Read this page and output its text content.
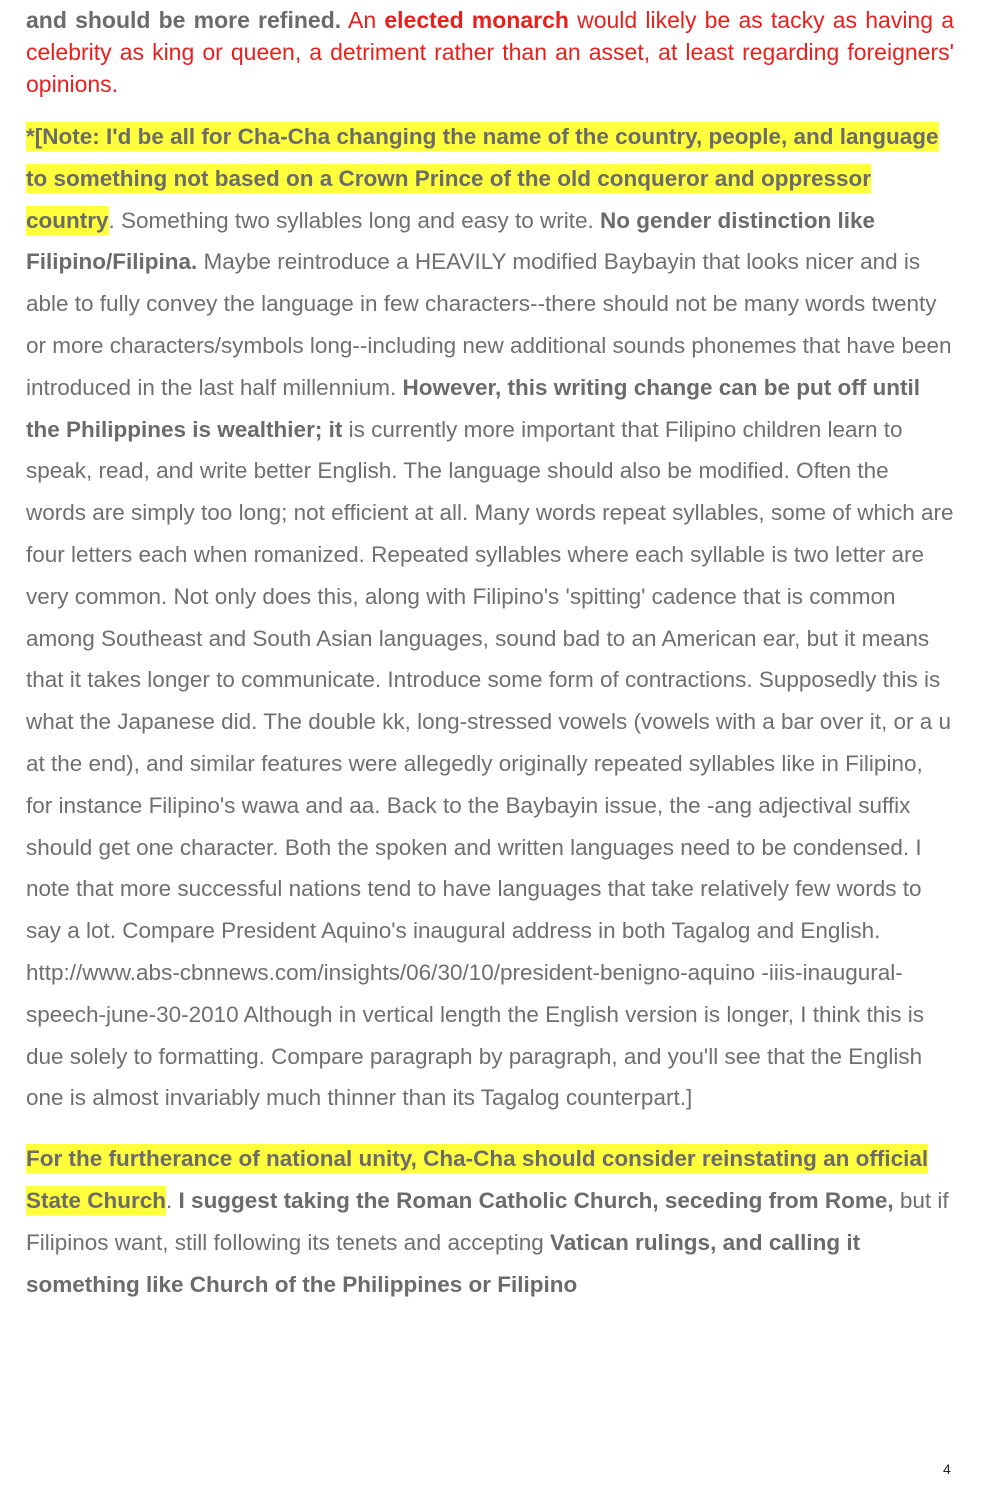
and should be more refined. An elected monarch would likely be as tacky as having a celebrity as king or queen, a detriment rather than an asset, at least regarding foreigners' opinions.

*[Note: I'd be all for Cha-Cha changing the name of the country, people, and language to something not based on a Crown Prince of the old conqueror and oppressor country. Something two syllables long and easy to write. No gender distinction like Filipino/Filipina. Maybe reintroduce a HEAVILY modified Baybayin that looks nicer and is able to fully convey the language in few characters--there should not be many words twenty or more characters/symbols long--including new additional sounds phonemes that have been introduced in the last half millennium. However, this writing change can be put off until the Philippines is wealthier; it is currently more important that Filipino children learn to speak, read, and write better English. The language should also be modified. Often the words are simply too long; not efficient at all. Many words repeat syllables, some of which are four letters each when romanized. Repeated syllables where each syllable is two letter are very common. Not only does this, along with Filipino's 'spitting' cadence that is common among Southeast and South Asian languages, sound bad to an American ear, but it means that it takes longer to communicate. Introduce some form of contractions. Supposedly this is what the Japanese did. The double kk, long-stressed vowels (vowels with a bar over it, or a u at the end), and similar features were allegedly originally repeated syllables like in Filipino, for instance Filipino's wawa and aa. Back to the Baybayin issue, the -ang adjectival suffix should get one character. Both the spoken and written languages need to be condensed. I note that more successful nations tend to have languages that take relatively few words to say a lot. Compare President Aquino's inaugural address in both Tagalog and English. http://www.abs-cbnnews.com/insights/06/30/10/president-benigno-aquino -iiis-inaugural-speech-june-30-2010 Although in vertical length the English version is longer, I think this is due solely to formatting. Compare paragraph by paragraph, and you'll see that the English one is almost invariably much thinner than its Tagalog counterpart.]

For the furtherance of national unity, Cha-Cha should consider reinstating an official State Church. I suggest taking the Roman Catholic Church, seceding from Rome, but if Filipinos want, still following its tenets and accepting Vatican rulings, and calling it something like Church of the Philippines or Filipino

4
